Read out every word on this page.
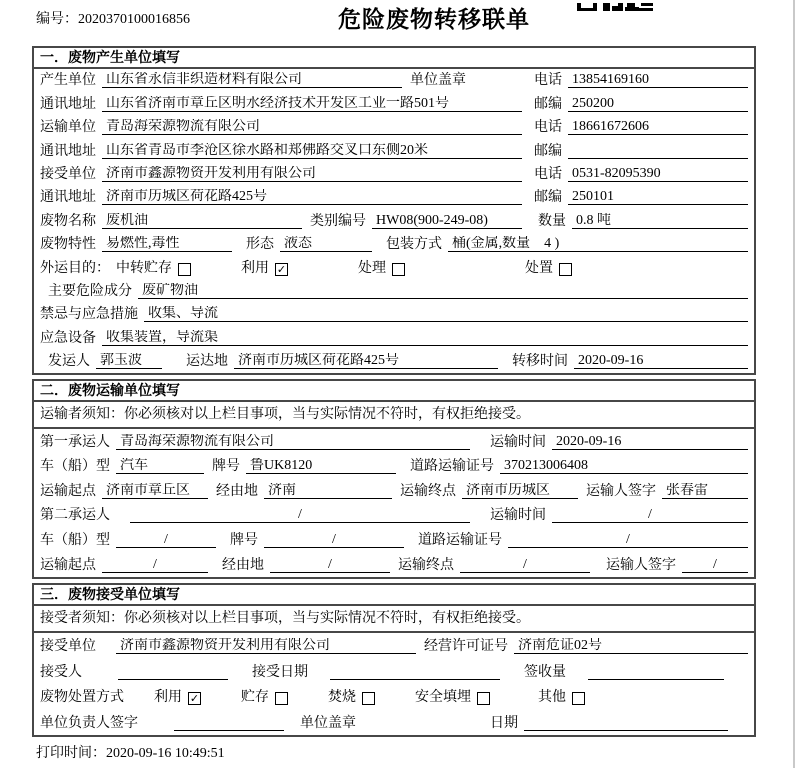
编号：2020370100016856	危险废物转移联单
一．废物产生单位填写
产生单位 山东省永信非织造材料有限公司	单位盖章	电话 13854169160
通讯地址 山东省济南市章丘区明水经济技术开发区工业一路501号	邮编 250200
运输单位 青岛海荣源物流有限公司	电话 18661672606
通讯地址 山东省青岛市李沧区徐水路和郑佛路交叉口东侧20米	邮编
接受单位 济南市鑫源物资开发利用有限公司	电话 0531-82095390
通讯地址 济南市历城区荷花路425号	邮编 250101
废物名称 废机油	类别编号 HW08(900-249-08)	数量 0.8 吨
废物特性 易燃性,毒性	形态 液态	包装方式 桶(金属,数量　4 )
外运目的： 中转贮存	利用 ✓	处理	处置
主要危险成分 废矿物油
禁忌与应急措施 收集、导流
应急设备 收集装置，导流渠
发运人 郭玉波	运达地 济南市历城区荷花路425号	转移时间 2020-09-16
二．废物运输单位填写
运输者须知：你必须核对以上栏目事项，当与实际情况不符时，有权拒绝接受。
第一承运人 青岛海荣源物流有限公司	运输时间 2020-09-16
车（船）型 汽车	牌号 鲁UK8120	道路运输证号 370213006408
运输起点 济南市章丘区	经由地 济南	运输终点 济南市历城区	运输人签字 张春雷
第二承运人	/	运输时间	/
车（船）型	/	牌号	/	道路运输证号	/
运输起点	/	经由地	/	运输终点	/	运输人签字	/
三．废物接受单位填写
接受者须知：你必须核对以上栏目事项，当与实际情况不符时，有权拒绝接受。
接受单位 济南市鑫源物资开发利用有限公司	经营许可证号 济南危证02号
接受人	接受日期	签收量
废物处置方式 利用 ✓	贮存	焚烧	安全填埋	其他
单位负责人签字	单位盖章	日期
打印时间：2020-09-16 10:49:51
